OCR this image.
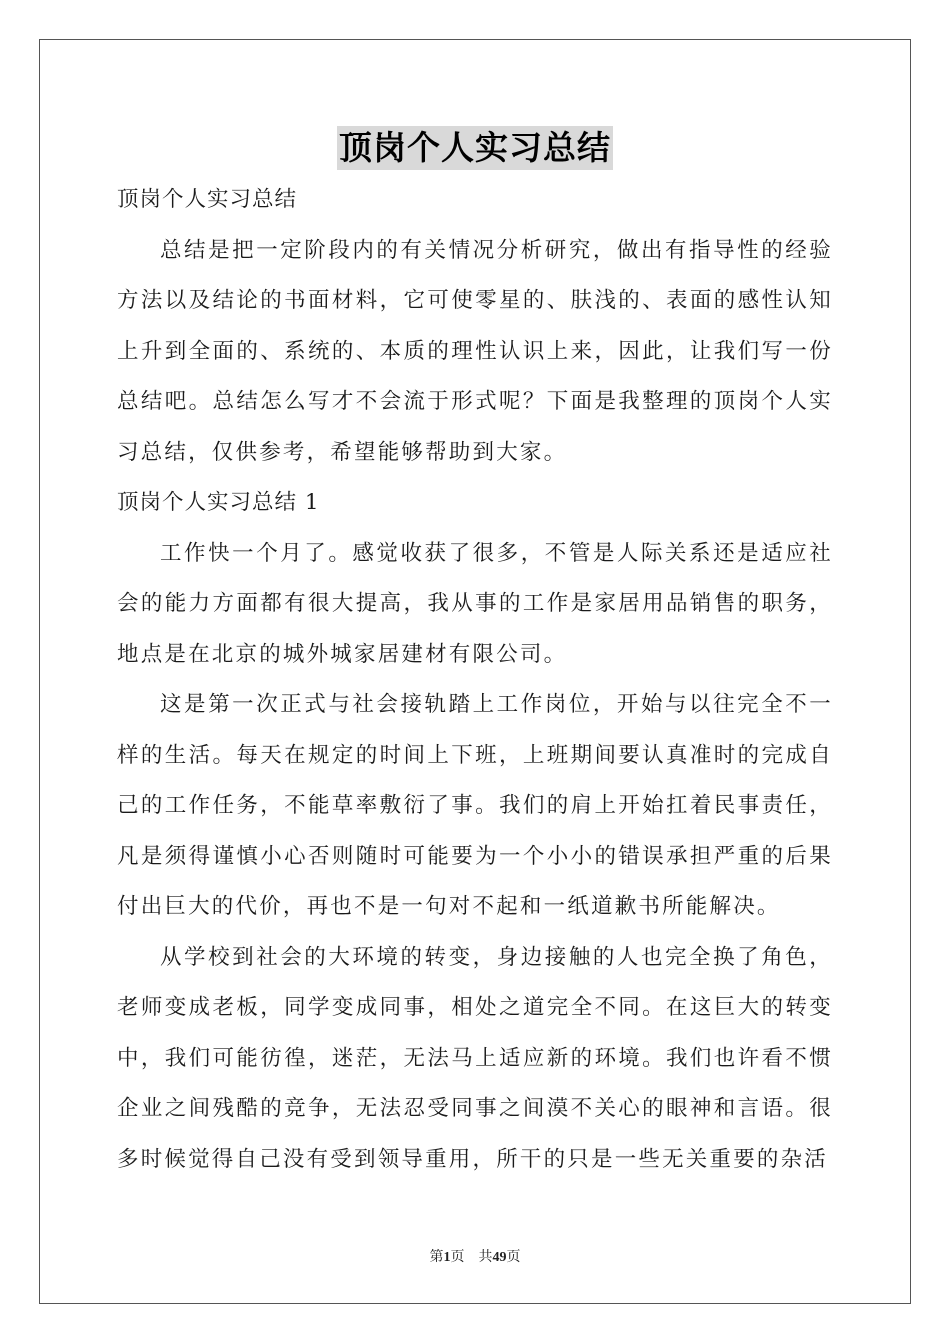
顶岗个人实习总结

顶岗个人实习总结

总结是把一定阶段内的有关情况分析研究，做出有指导性的经验方法以及结论的书面材料，它可使零星的、肤浅的、表面的感性认知上升到全面的、系统的、本质的理性认识上来，因此，让我们写一份总结吧。总结怎么写才不会流于形式呢？下面是我整理的顶岗个人实习总结，仅供参考，希望能够帮助到大家。

顶岗个人实习总结 1

工作快一个月了。感觉收获了很多，不管是人际关系还是适应社会的能力方面都有很大提高，我从事的工作是家居用品销售的职务，地点是在北京的城外城家居建材有限公司。

这是第一次正式与社会接轨踏上工作岗位，开始与以往完全不一样的生活。每天在规定的时间上下班，上班期间要认真准时的完成自己的工作任务，不能草率敷衍了事。我们的肩上开始扛着民事责任，凡是须得谨慎小心否则随时可能要为一个小小的错误承担严重的后果付出巨大的代价，再也不是一句对不起和一纸道歉书所能解决。

从学校到社会的大环境的转变，身边接触的人也完全换了角色，老师变成老板，同学变成同事，相处之道完全不同。在这巨大的转变中，我们可能彷徨，迷茫，无法马上适应新的环境。我们也许看不惯企业之间残酷的竞争，无法忍受同事之间漠不关心的眼神和言语。很多时候觉得自己没有受到领导重用，所干的只是一些无关重要的杂活

第1页 共49页
